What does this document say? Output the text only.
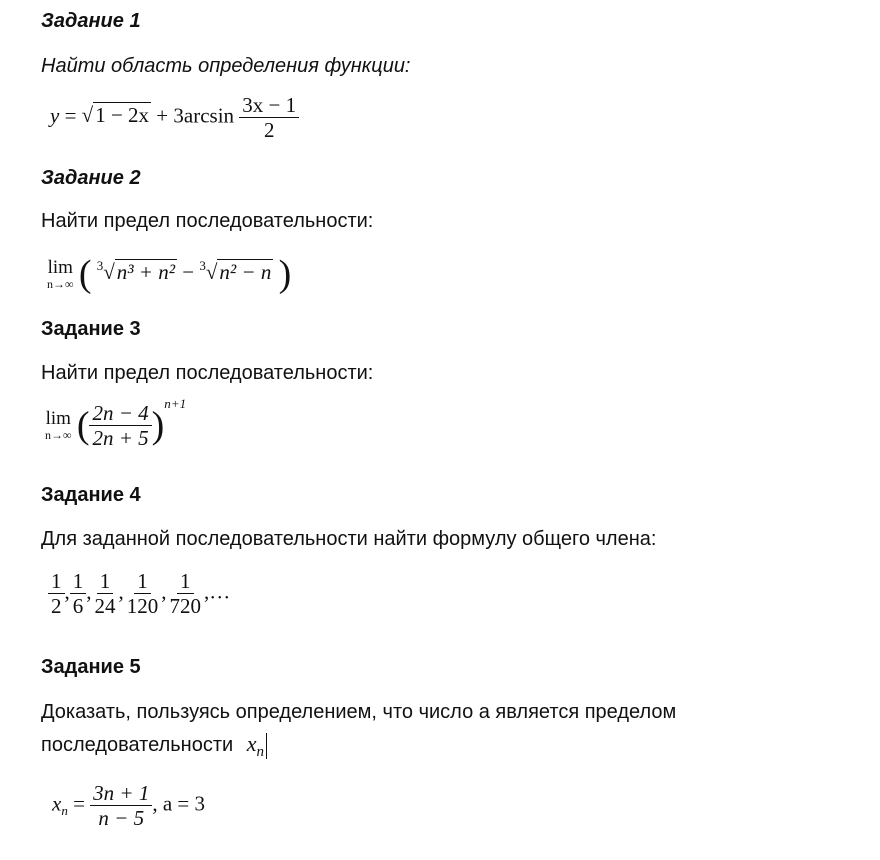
Задание 1
Найти область определения функции:
$y = √1 - 2x + 3\arcsin \frac{3x - 1}{2}$
Задание 2
Найти предел последовательности:
lim
n→∞ ( $^3$√n³ + n² − $^3$√n² − n )
Задание 3
Найти предел последовательности:
lim
n→∞ ( $\frac{2n - 4}{2n + 5} )^{n+1}$
Задание 4
Для заданной последовательности найти формулу общего члена:
$\frac{1}{2}$ , $\frac{1}{6}$ , $\frac{1}{24}$ , $\frac{1}{120}$ , $\frac{1}{720}$ ,…
Задание 5
Доказать, пользуясь определением, что число а является пределом
последовательности $x_n$
$x_n = \frac{3n + 1}{n - 5}$ , a = 3
